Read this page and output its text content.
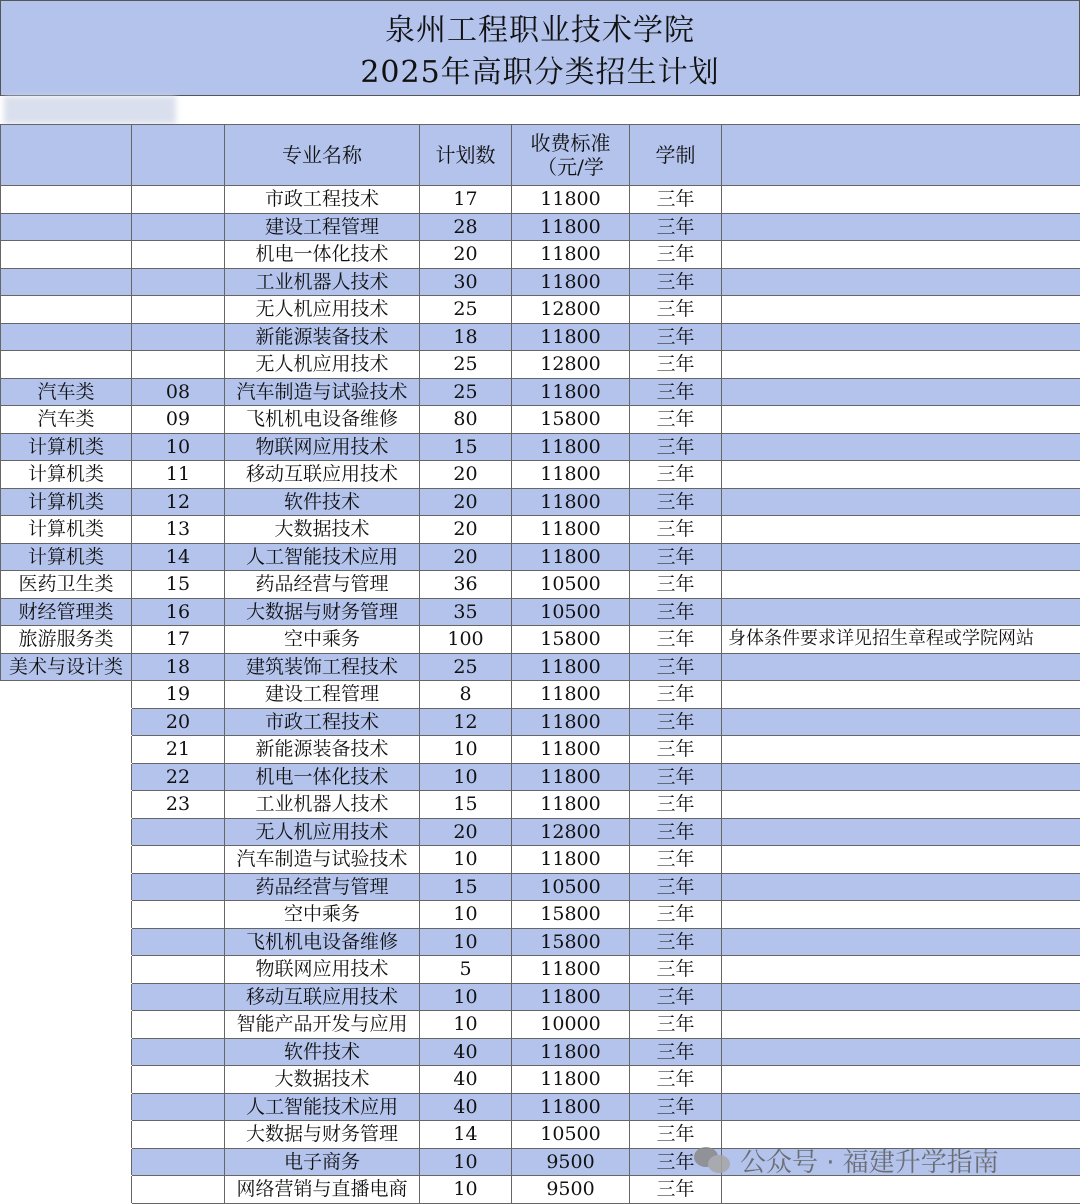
泉州工程职业技术学院
2025年高职分类招生计划
		专业名称	计划数	收费标准（元/学	学制	
		市政工程技术	17	11800	三年	
		建设工程管理	28	11800	三年	
		机电一体化技术	20	11800	三年	
		工业机器人技术	30	11800	三年	
		无人机应用技术	25	12800	三年	
		新能源装备技术	18	11800	三年	
		无人机应用技术	25	12800	三年	
汽车类	08	汽车制造与试验技术	25	11800	三年	
汽车类	09	飞机机电设备维修	80	15800	三年	
计算机类	10	物联网应用技术	15	11800	三年	
计算机类	11	移动互联应用技术	20	11800	三年	
计算机类	12	软件技术	20	11800	三年	
计算机类	13	大数据技术	20	11800	三年	
计算机类	14	人工智能技术应用	20	11800	三年	
医药卫生类	15	药品经营与管理	36	10500	三年	
财经管理类	16	大数据与财务管理	35	10500	三年	
旅游服务类	17	空中乘务	100	15800	三年	身体条件要求详见招生章程或学院网站
美术与设计类	18	建筑装饰工程技术	25	11800	三年	
	19	建设工程管理	8	11800	三年	
	20	市政工程技术	12	11800	三年	
	21	新能源装备技术	10	11800	三年	
	22	机电一体化技术	10	11800	三年	
	23	工业机器人技术	15	11800	三年	
		无人机应用技术	20	12800	三年	
		汽车制造与试验技术	10	11800	三年	
		药品经营与管理	15	10500	三年	
		空中乘务	10	15800	三年	
		飞机机电设备维修	10	15800	三年	
		物联网应用技术	5	11800	三年	
		移动互联应用技术	10	11800	三年	
		智能产品开发与应用	10	10000	三年	
		软件技术	40	11800	三年	
		大数据技术	40	11800	三年	
		人工智能技术应用	40	11800	三年	
		大数据与财务管理	14	10500	三年	
		电子商务	10	9500	三年	
		网络营销与直播电商	10	9500	三年	
公众号 · 福建升学指南
